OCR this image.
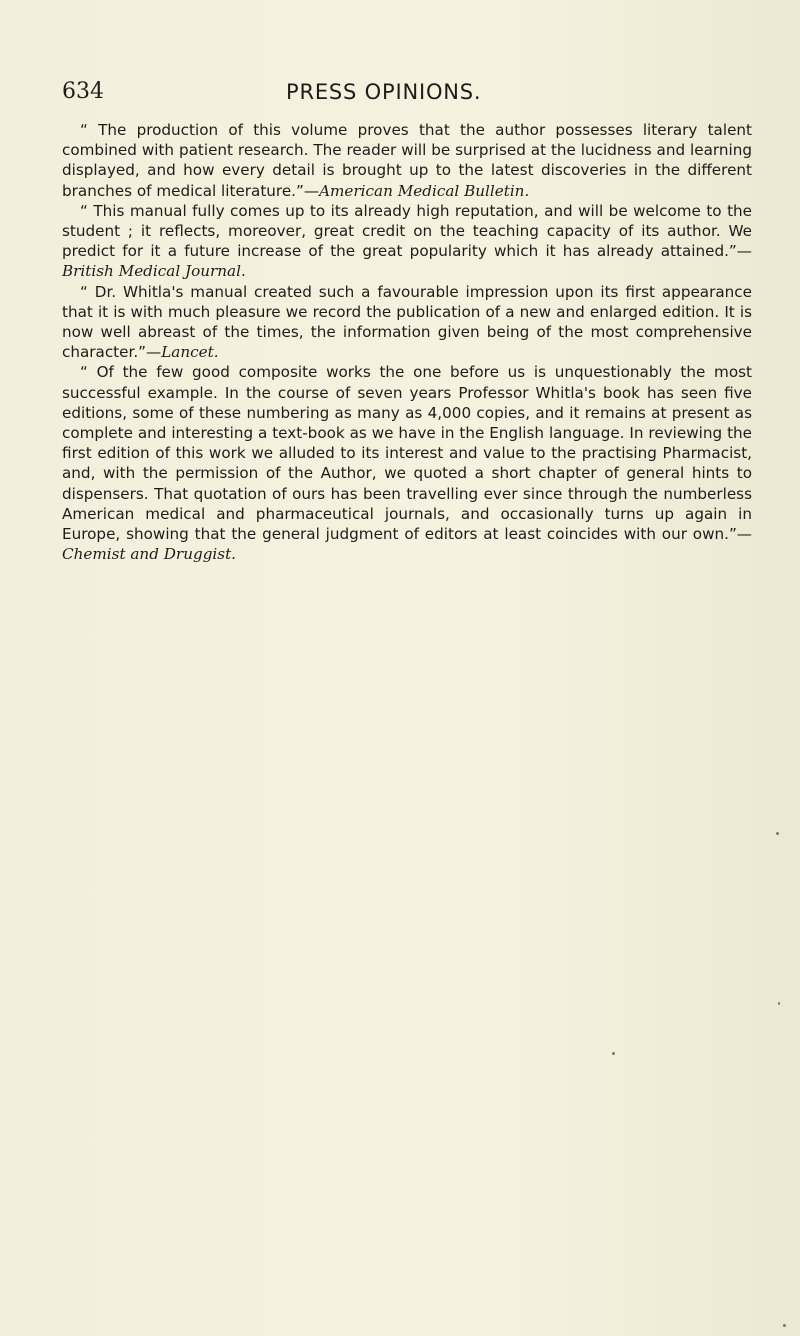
634	PRESS OPINIONS.

“ The production of this volume proves that the author possesses literary talent combined with patient research. The reader will be surprised at the lucidness and learning displayed, and how every detail is brought up to the latest discoveries in the different branches of medical literature.”—American Medical Bulletin.

“ This manual fully comes up to its already high reputation, and will be welcome to the student ; it reflects, moreover, great credit on the teaching capacity of its author. We predict for it a future increase of the great popularity which it has already attained.”—British Medical Journal.

“ Dr. Whitla's manual created such a favourable impression upon its first appearance that it is with much pleasure we record the publication of a new and enlarged edition. It is now well abreast of the times, the information given being of the most comprehensive character.”—Lancet.

“ Of the few good composite works the one before us is unquestionably the most successful example. In the course of seven years Professor Whitla's book has seen five editions, some of these numbering as many as 4,000 copies, and it remains at present as complete and interesting a text-book as we have in the English language. In reviewing the first edition of this work we alluded to its interest and value to the practising Pharmacist, and, with the permission of the Author, we quoted a short chapter of general hints to dispensers. That quotation of ours has been travelling ever since through the numberless American medical and pharmaceutical journals, and occasionally turns up again in Europe, showing that the general judgment of editors at least coincides with our own.”—Chemist and Druggist.
